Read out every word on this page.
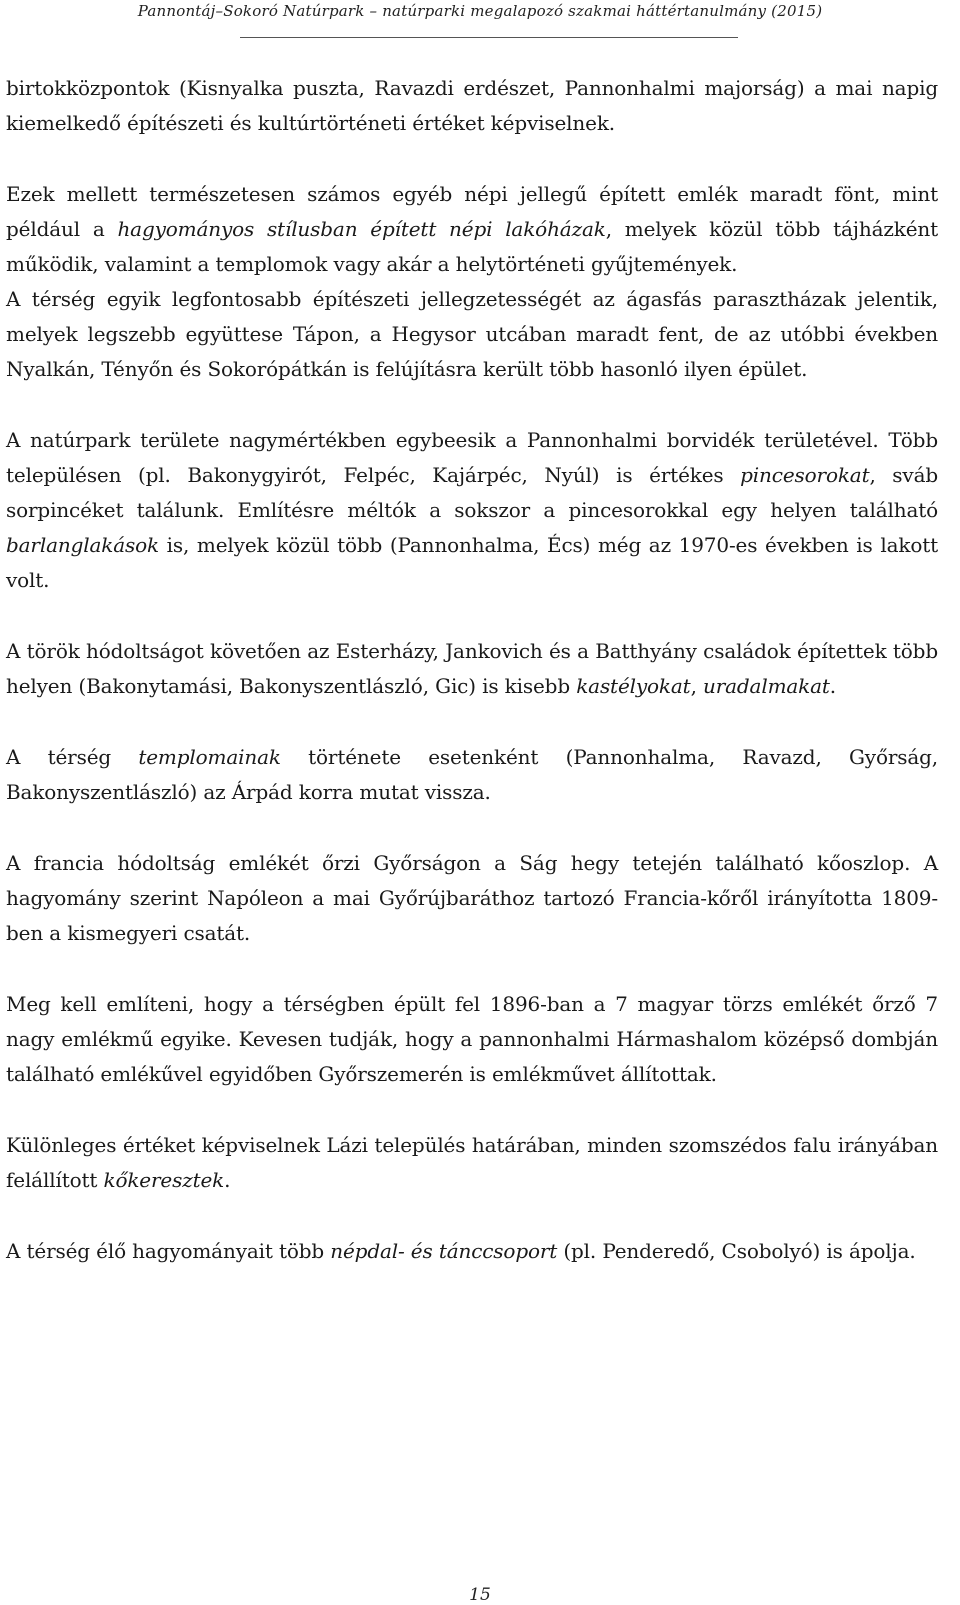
Pannontáj–Sokoró Natúrpark – natúrparki megalapozó szakmai háttértanulmány (2015)

birtokközpontok (Kisnyalka puszta, Ravazdi erdészet, Pannonhalmi majorság) a mai napig kiemelkedő építészeti és kultúrtörténeti értéket képviselnek.

Ezek mellett természetesen számos egyéb népi jellegű épített emlék maradt fönt, mint például a hagyományos stílusban épített népi lakóházak, melyek közül több tájházként működik, valamint a templomok vagy akár a helytörténeti gyűjtemények.

A térség egyik legfontosabb építészeti jellegzetességét az ágasfás parasztházak jelentik, melyek legszebb együttese Tápon, a Hegysor utcában maradt fent, de az utóbbi években Nyalkán, Tényőn és Sokorópátkán is felújításra került több hasonló ilyen épület.

A natúrpark területe nagymértékben egybeesik a Pannonhalmi borvidék területével. Több településen (pl. Bakonygyirót, Felpéc, Kajárpéc, Nyúl) is értékes pincesorokat, sváb sorpincéket találunk. Említésre méltók a sokszor a pincesorokkal egy helyen található barlanglakások is, melyek közül több (Pannonhalma, Écs) még az 1970-es években is lakott volt.

A török hódoltságot követően az Esterházy, Jankovich és a Batthyány családok építettek több helyen (Bakonytamási, Bakonyszentlászló, Gic) is kisebb kastélyokat, uradalmakat.

A térség templomainak története esetenként (Pannonhalma, Ravazd, Győrság, Bakonyszentlászló) az Árpád korra mutat vissza.

A francia hódoltság emlékét őrzi Győrságon a Ság hegy tetején található kőoszlop. A hagyomány szerint Napóleon a mai Győrújbaráthoz tartozó Francia-kőről irányította 1809-ben a kismegyeri csatát.

Meg kell említeni, hogy a térségben épült fel 1896-ban a 7 magyar törzs emlékét őrző 7 nagy emlékmű egyike. Kevesen tudják, hogy a pannonhalmi Hármashalom középső dombján található emlékűvel egyidőben Győrszemerén is emlékművet állítottak.

Különleges értéket képviselnek Lázi település határában, minden szomszédos falu irányában felállított kőkeresztek.

A térség élő hagyományait több népdal- és tánccsoport (pl. Penderedő, Csobolyó) is ápolja.

15
